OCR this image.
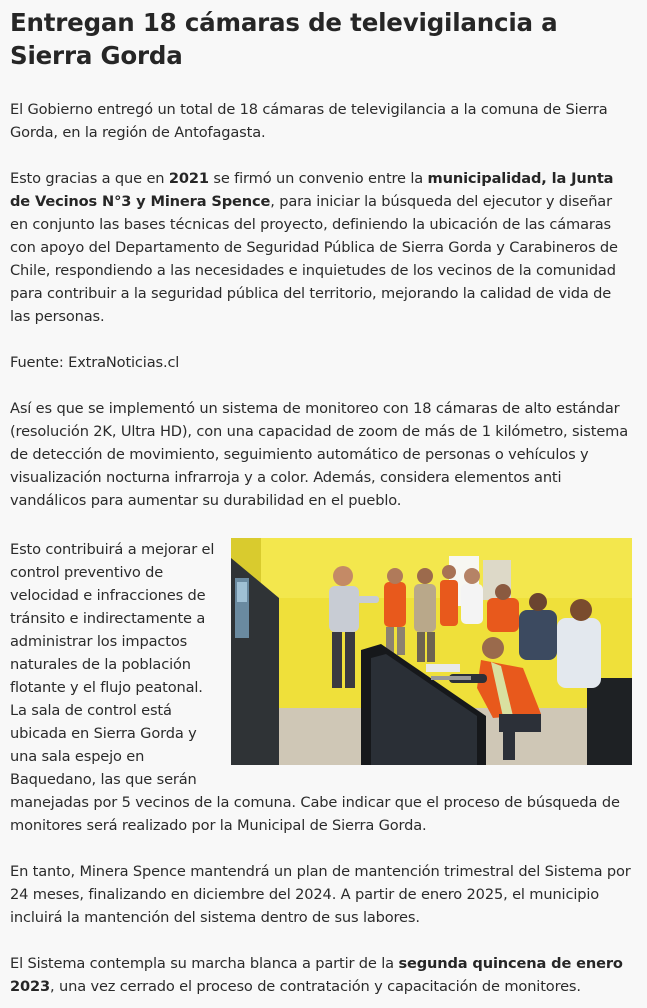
Entregan 18 cámaras de televigilancia a Sierra Gorda

El Gobierno entregó un total de 18 cámaras de televigilancia a la comuna de Sierra Gorda, en la región de Antofagasta.

Esto gracias a que en 2021 se firmó un convenio entre la municipalidad, la Junta de Vecinos N°3 y Minera Spence, para iniciar la búsqueda del ejecutor y diseñar en conjunto las bases técnicas del proyecto, definiendo la ubicación de las cámaras con apoyo del Departamento de Seguridad Pública de Sierra Gorda y Carabineros de Chile, respondiendo a las necesidades e inquietudes de los vecinos de la comunidad para contribuir a la seguridad pública del territorio, mejorando la calidad de vida de las personas.

Fuente: ExtraNoticias.cl

Así es que se implementó un sistema de monitoreo con 18 cámaras de alto estándar (resolución 2K, Ultra HD), con una capacidad de zoom de más de 1 kilómetro, sistema de detección de movimiento, seguimiento automático de personas o vehículos y visualización nocturna infrarroja y a color. Además, considera elementos anti vandálicos para aumentar su durabilidad en el pueblo.

Esto contribuirá a mejorar el control preventivo de velocidad e infracciones de tránsito e indirectamente a administrar los impactos naturales de la población flotante y el flujo peatonal. La sala de control está ubicada en Sierra Gorda y una sala espejo en Baquedano, las que serán manejadas por 5 vecinos de la comuna. Cabe indicar que el proceso de búsqueda de monitores será realizado por la Municipal de Sierra Gorda.

En tanto, Minera Spence mantendrá un plan de mantención trimestral del Sistema por 24 meses, finalizando en diciembre del 2024. A partir de enero 2025, el municipio incluirá la mantención del sistema dentro de sus labores.

El Sistema contempla su marcha blanca a partir de la segunda quincena de enero 2023, una vez cerrado el proceso de contratación y capacitación de monitores.
